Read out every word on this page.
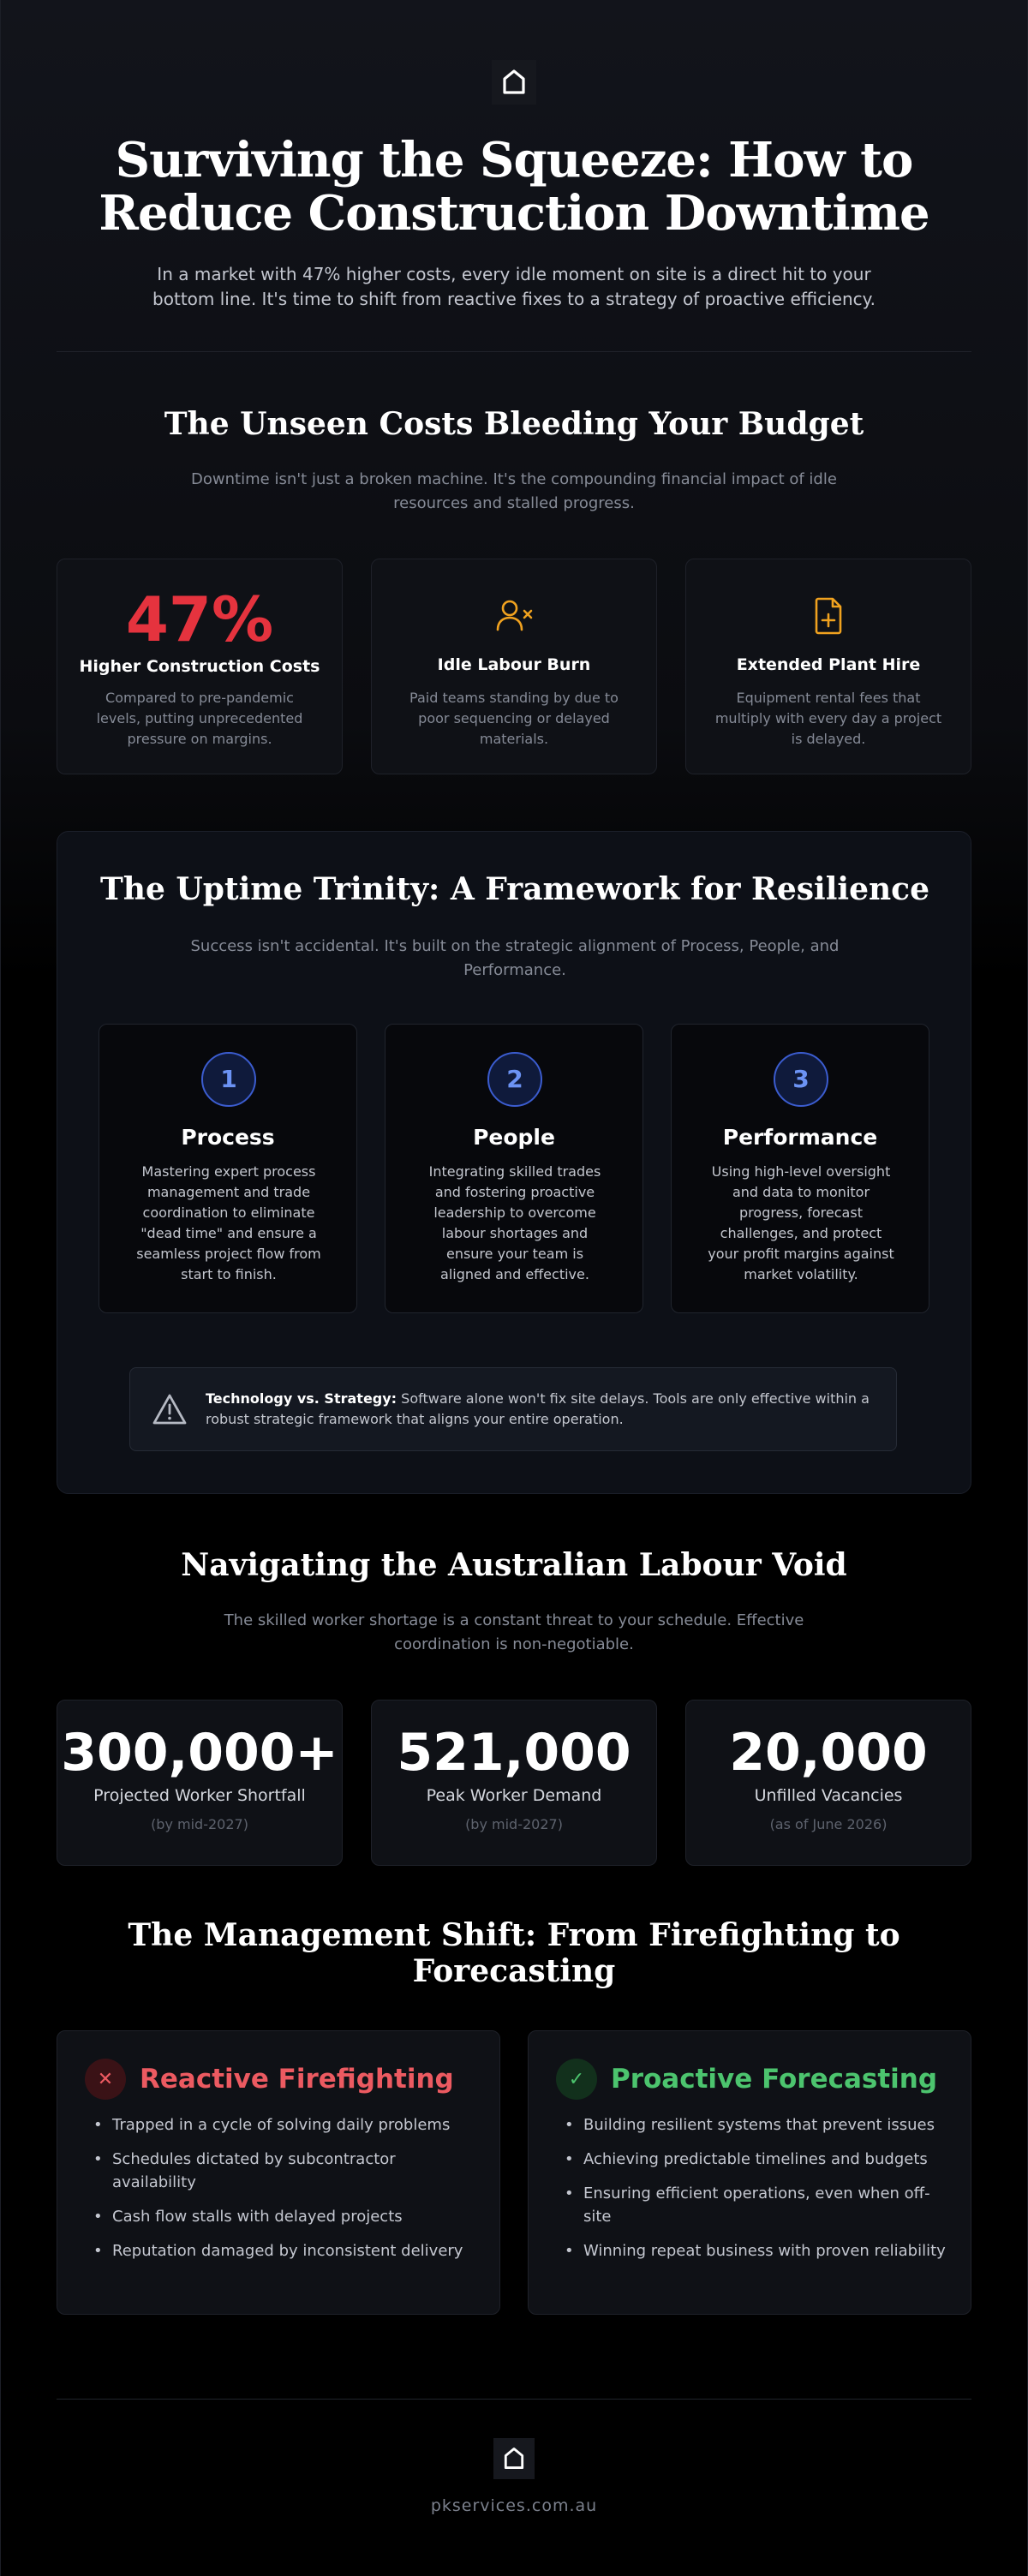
Surviving the Squeeze: How to
Reduce Construction Downtime

In a market with 47% higher costs, every idle moment on site is a direct hit to your bottom line. It's time to shift from reactive fixes to a strategy of proactive efficiency.

The Unseen Costs Bleeding Your Budget

Downtime isn't just a broken machine. It's the compounding financial impact of idle resources and stalled progress.

47%
Higher Construction Costs
Compared to pre-pandemic levels, putting unprecedented pressure on margins.
Idle Labour Burn
Paid teams standing by due to poor sequencing or delayed materials.
Extended Plant Hire
Equipment rental fees that multiply with every day a project is delayed.
The Uptime Trinity: A Framework for Resilience

Success isn't accidental. It's built on the strategic alignment of Process, People, and Performance.

1
Process
Mastering expert process management and trade coordination to eliminate "dead time" and ensure a seamless project flow from start to finish.
2
People
Integrating skilled trades and fostering proactive leadership to overcome labour shortages and ensure your team is aligned and effective.
3
Performance
Using high-level oversight and data to monitor progress, forecast challenges, and protect your profit margins against market volatility.

Technology vs. Strategy: Software alone won't fix site delays. Tools are only effective within a robust strategic framework that aligns your entire operation.

Navigating the Australian Labour Void

The skilled worker shortage is a constant threat to your schedule. Effective coordination is non-negotiable.

300,000+
Projected Worker Shortfall
(by mid-2027)
521,000
Peak Worker Demand
(by mid-2027)
20,000
Unfilled Vacancies
(as of June 2026)
The Management Shift: From Firefighting to
Forecasting
✕ Reactive Firefighting
• Trapped in a cycle of solving daily problems
• Schedules dictated by subcontractor availability
• Cash flow stalls with delayed projects
• Reputation damaged by inconsistent delivery
✓ Proactive Forecasting
• Building resilient systems that prevent issues
• Achieving predictable timelines and budgets
• Ensuring efficient operations, even when off-site
• Winning repeat business with proven reliability
pkservices.com.au
